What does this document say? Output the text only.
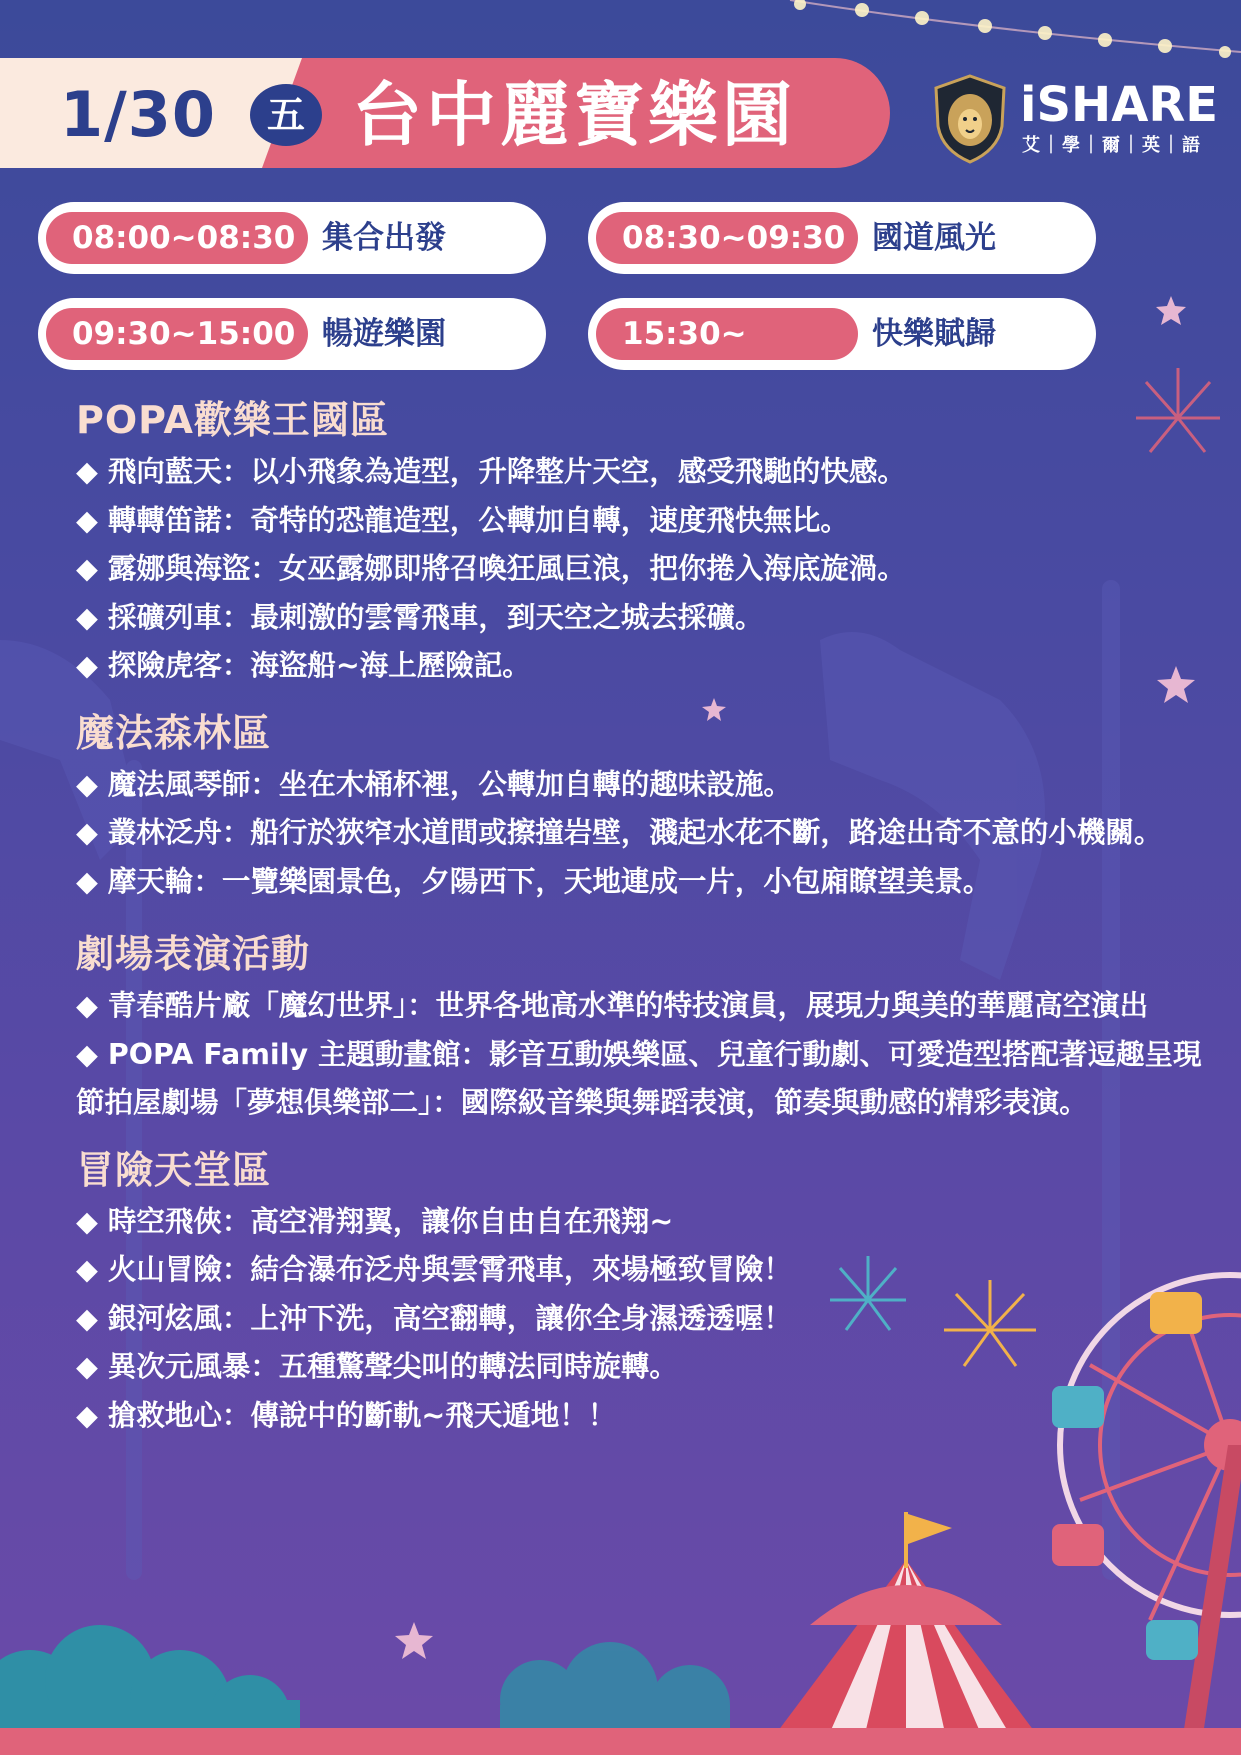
1/30	五 台中麗寶樂園	iSHARE
艾｜學｜爾｜英｜語
08:00~08:30 集合出發	08:30~09:30 國道風光
09:30~15:00 暢遊樂園	15:30~	快樂賦歸
POPA歡樂王國區

◆ 飛向藍天：以小飛象為造型，升降整片天空，感受飛馳的快感。

◆ 轉轉笛諾：奇特的恐龍造型，公轉加自轉，速度飛快無比。

◆ 露娜與海盜：女巫露娜即將召喚狂風巨浪，把你捲入海底旋渦。

◆ 採礦列車：最刺激的雲霄飛車，到天空之城去採礦。

◆ 探險虎客：海盜船~海上歷險記。

魔法森林區

◆ 魔法風琴師：坐在木桶杯裡，公轉加自轉的趣味設施。

◆ 叢林泛舟：船行於狹窄水道間或擦撞岩壁，濺起水花不斷，路途出奇不意的小機關。

◆ 摩天輪：一覽樂園景色，夕陽西下，天地連成一片，小包廂瞭望美景。

劇場表演活動

◆ 青春酷片廠「魔幻世界」：世界各地高水準的特技演員，展現力與美的華麗高空演出

◆ POPA Family 主題動畫館：影音互動娛樂區、兒童行動劇、可愛造型搭配著逗趣呈現節拍屋劇場「夢想俱樂部二」：國際級音樂與舞蹈表演，節奏與動感的精彩表演。

冒險天堂區

◆ 時空飛俠：高空滑翔翼，讓你自由自在飛翔~

◆ 火山冒險：結合瀑布泛舟與雲霄飛車，來場極致冒險！

◆ 銀河炫風：上沖下洗，高空翻轉，讓你全身濕透透喔！

◆ 異次元風暴：五種驚聲尖叫的轉法同時旋轉。

◆ 搶救地心：傳說中的斷軌~飛天遁地！！
